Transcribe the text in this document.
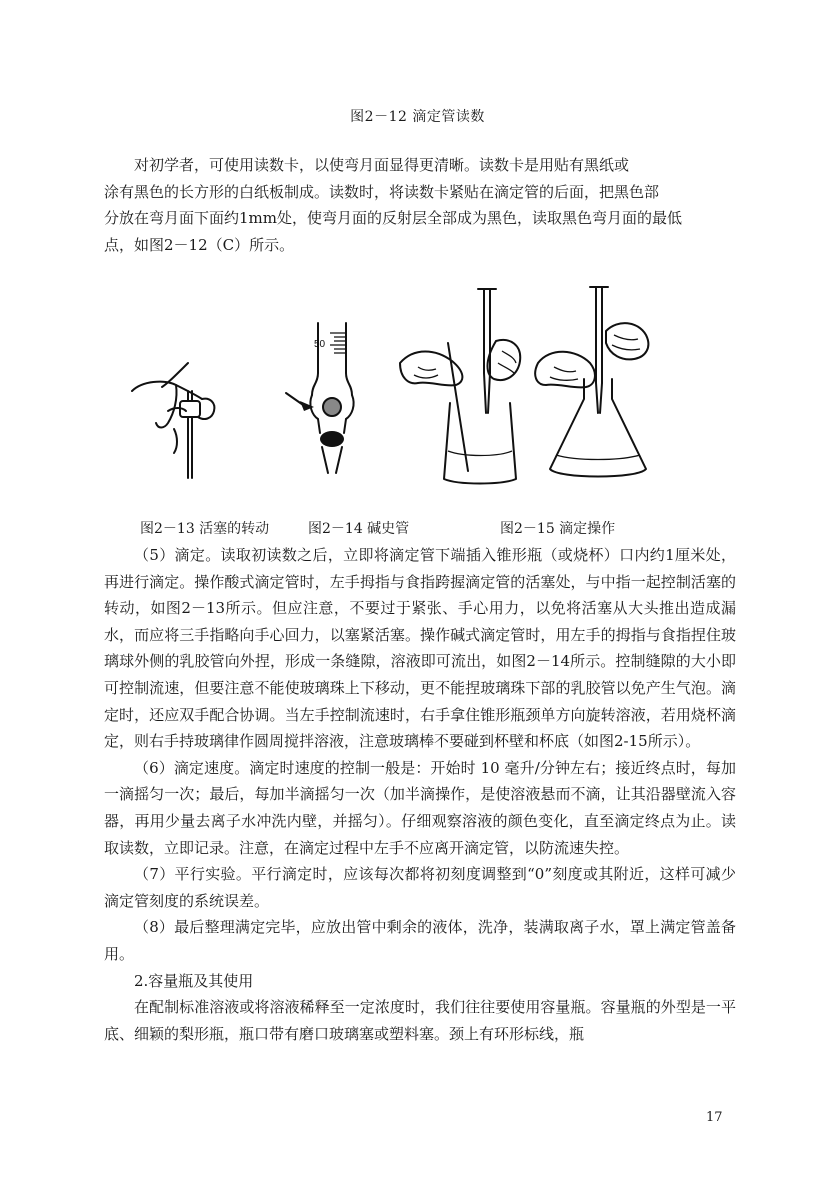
图2－12 滴定管读数
对初学者，可使用读数卡，以使弯月面显得更清晰。读数卡是用贴有黑纸或
涂有黑色的长方形的白纸板制成。读数时，将读数卡紧贴在滴定管的后面，把黑色部
分放在弯月面下面约1mm处，使弯月面的反射层全部成为黑色，读取黑色弯月面的最低
点，如图2－12（C）所示。
50
图2－13 活塞的转动	图2－14 碱史管	图2－15 滴定操作

（5）滴定。读取初读数之后，立即将滴定管下端插入锥形瓶（或烧杯）口内约1厘米处，再进行滴定。操作酸式滴定管时，左手拇指与食指跨握滴定管的活塞处，与中指一起控制活塞的转动，如图2－13所示。但应注意，不要过于紧张、手心用力，以免将活塞从大头推出造成漏水，而应将三手指略向手心回力，以塞紧活塞。操作碱式滴定管时，用左手的拇指与食指捏住玻璃球外侧的乳胶管向外捏，形成一条缝隙，溶液即可流出，如图2－14所示。控制缝隙的大小即可控制流速，但要注意不能使玻璃珠上下移动，更不能捏玻璃珠下部的乳胶管以免产生气泡。滴定时，还应双手配合协调。当左手控制流速时，右手拿住锥形瓶颈单方向旋转溶液，若用烧杯滴定，则右手持玻璃律作圆周搅拌溶液，注意玻璃棒不要碰到杯壁和杯底（如图2-15所示）。

（6）滴定速度。滴定时速度的控制一般是：开始时 10 毫升/分钟左右；接近终点时，每加一滴摇匀一次；最后，每加半滴摇匀一次（加半滴操作，是使溶液悬而不滴，让其沿器壁流入容器，再用少量去离子水冲洗内壁，并摇匀）。仔细观察溶液的颜色变化，直至滴定终点为止。读取读数，立即记录。注意，在滴定过程中左手不应离开滴定管，以防流速失控。

（7）平行实验。平行滴定时，应该每次都将初刻度调整到“0”刻度或其附近，这样可减少滴定管刻度的系统误差。

（8）最后整理满定完毕，应放出管中剩余的液体，洗净，装满取离子水，罩上满定管盖备用。

2.容量瓶及其使用

在配制标准溶液或将溶液稀释至一定浓度时，我们往往要使用容量瓶。容量瓶的外型是一平底、细颖的梨形瓶，瓶口带有磨口玻璃塞或塑料塞。颈上有环形标线，瓶

17
